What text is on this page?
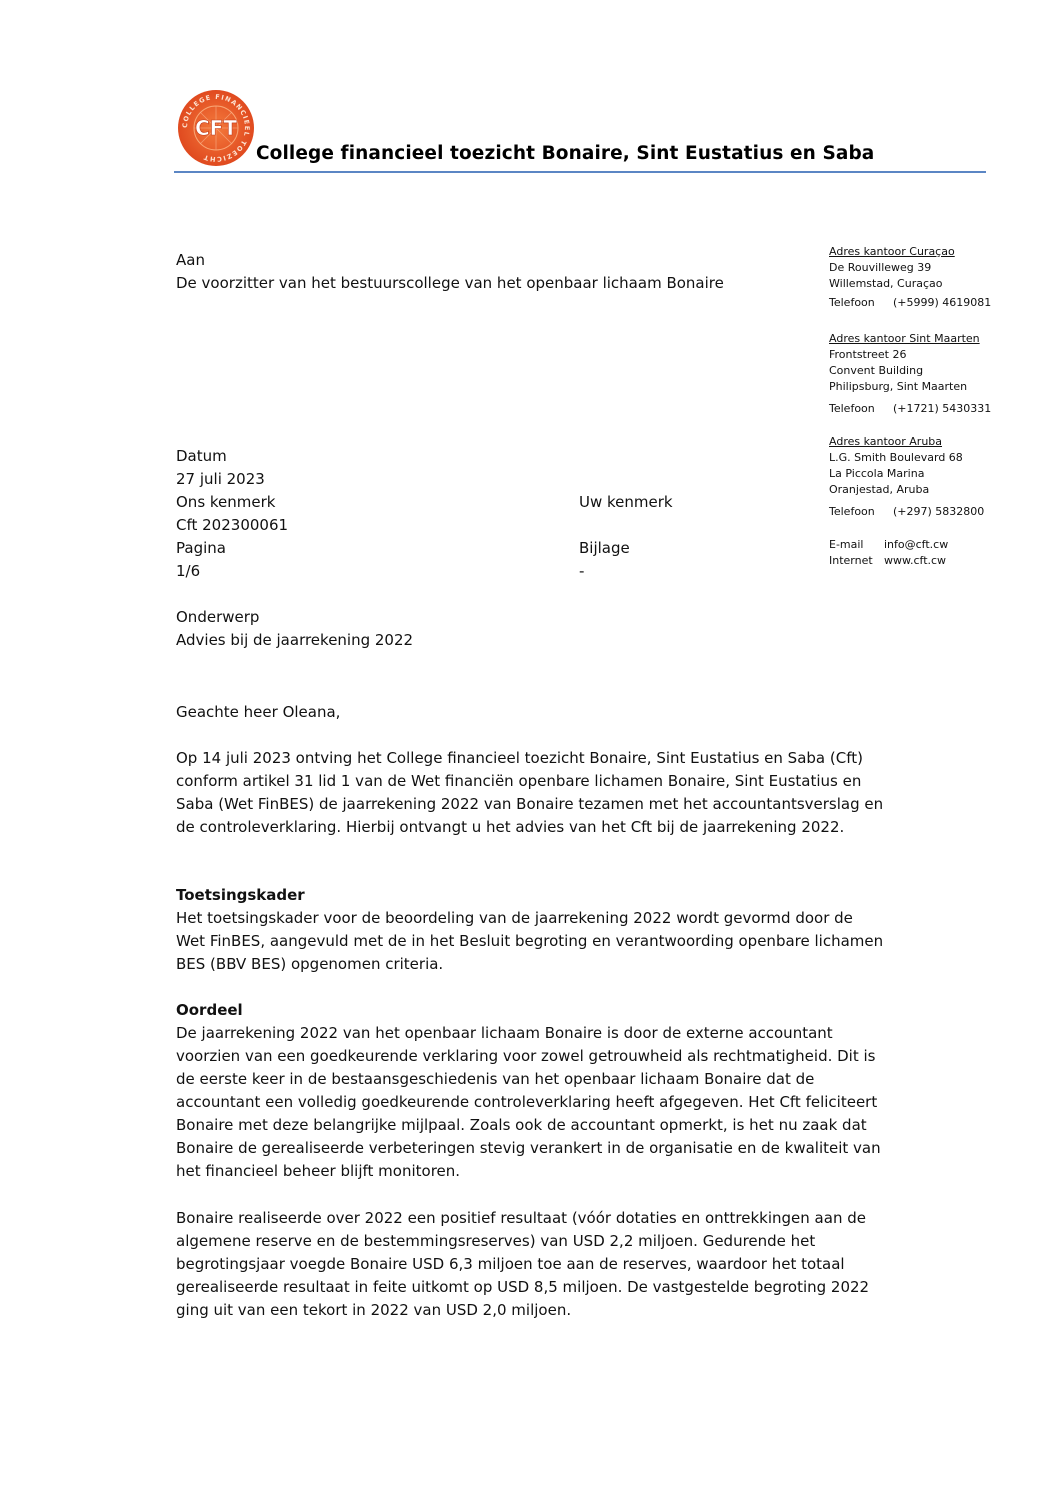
COLLEGE FINANCIEEL TOEZICHT
CFT
College financieel toezicht Bonaire, Sint Eustatius en Saba
Aan
De voorzitter van het bestuurscollege van het openbaar lichaam Bonaire
Adres kantoor Curaçao
De Rouvilleweg 39
Willemstad, Curaçao
Telefoon (+5999) 4619081
Adres kantoor Sint Maarten
Frontstreet 26
Convent Building
Philipsburg, Sint Maarten
Telefoon (+1721) 5430331
Adres kantoor Aruba
L.G. Smith Boulevard 68
La Piccola Marina
Oranjestad, Aruba
Telefoon (+297) 5832800
E-mail info@cft.cw
Internet www.cft.cw
Datum
27 juli 2023
Ons kenmerk	Uw kenmerk
Cft 202300061
Pagina	Bijlage
1/6	-
Onderwerp
Advies bij de jaarrekening 2022
Geachte heer Oleana,

Op 14 juli 2023 ontving het College financieel toezicht Bonaire, Sint Eustatius en Saba (Cft) conform artikel 31 lid 1 van de Wet financiën openbare lichamen Bonaire, Sint Eustatius en Saba (Wet FinBES) de jaarrekening 2022 van Bonaire tezamen met het accountantsverslag en de controleverklaring. Hierbij ontvangt u het advies van het Cft bij de jaarrekening 2022.

Toetsingskader

Het toetsingskader voor de beoordeling van de jaarrekening 2022 wordt gevormd door de Wet FinBES, aangevuld met de in het Besluit begroting en verantwoording openbare lichamen BES (BBV BES) opgenomen criteria.

Oordeel

De jaarrekening 2022 van het openbaar lichaam Bonaire is door de externe accountant voorzien van een goedkeurende verklaring voor zowel getrouwheid als rechtmatigheid. Dit is de eerste keer in de bestaansgeschiedenis van het openbaar lichaam Bonaire dat de accountant een volledig goedkeurende controleverklaring heeft afgegeven. Het Cft feliciteert Bonaire met deze belangrijke mijlpaal. Zoals ook de accountant opmerkt, is het nu zaak dat Bonaire de gerealiseerde verbeteringen stevig verankert in de organisatie en de kwaliteit van het financieel beheer blijft monitoren.

Bonaire realiseerde over 2022 een positief resultaat (vóór dotaties en onttrekkingen aan de algemene reserve en de bestemmingsreserves) van USD 2,2 miljoen. Gedurende het begrotingsjaar voegde Bonaire USD 6,3 miljoen toe aan de reserves, waardoor het totaal gerealiseerde resultaat in feite uitkomt op USD 8,5 miljoen. De vastgestelde begroting 2022 ging uit van een tekort in 2022 van USD 2,0 miljoen.
